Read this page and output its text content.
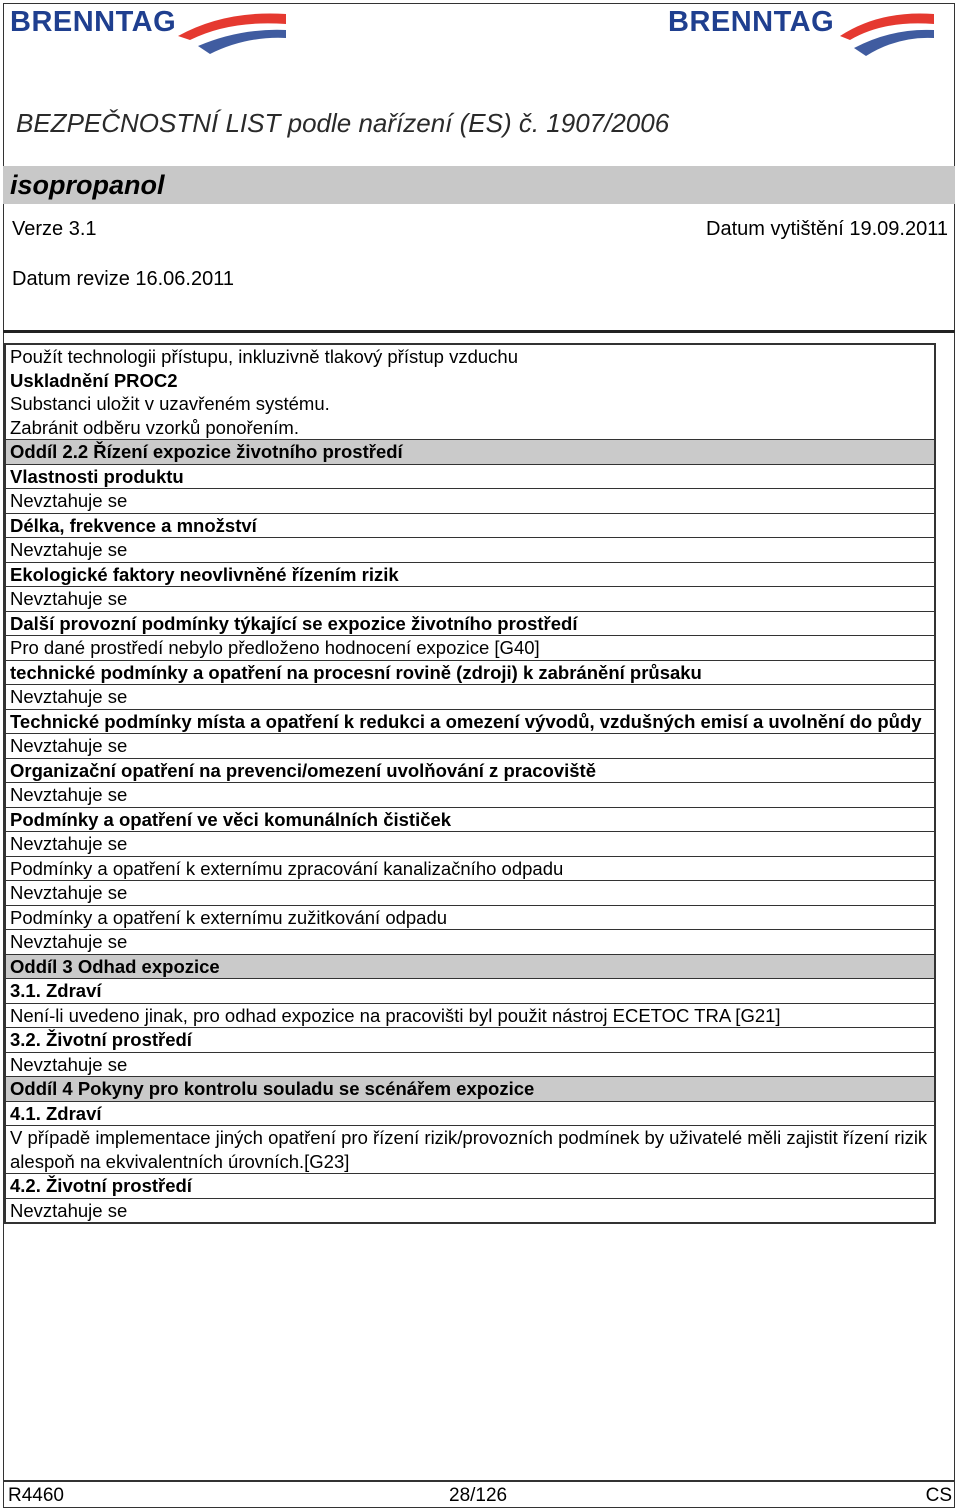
BRENNTAG	BRENNTAG
BEZPEČNOSTNÍ LIST podle nařízení (ES) č. 1907/2006
isopropanol
Verze 3.1	Datum vytištění 19.09.2011
Datum revize 16.06.2011
Použít technologii přístupu, inkluzivně tlakový přístup vzduchu
Uskladnění PROC2
Substanci uložit v uzavřeném systému.
Zabránit odběru vzorků ponořením.
Oddíl 2.2 Řízení expozice životního prostředí
Vlastnosti produktu
Nevztahuje se
Délka, frekvence a množství
Nevztahuje se
Ekologické faktory neovlivněné řízením rizik
Nevztahuje se
Další provozní podmínky týkající se expozice životního prostředí
Pro dané prostředí nebylo předloženo hodnocení expozice [G40]
technické podmínky a opatření na procesní rovině (zdroji) k zabránění průsaku
Nevztahuje se
Technické podmínky místa a opatření k redukci a omezení vývodů, vzdušných emisí a uvolnění do půdy
Nevztahuje se
Organizační opatření na prevenci/omezení uvolňování z pracoviště
Nevztahuje se
Podmínky a opatření ve věci komunálních čističek
Nevztahuje se
Podmínky a opatření k externímu zpracování kanalizačního odpadu
Nevztahuje se
Podmínky a opatření k externímu zužitkování odpadu
Nevztahuje se
Oddíl 3 Odhad expozice
3.1. Zdraví
Není-li uvedeno jinak, pro odhad expozice na pracovišti byl použit nástroj ECETOC TRA [G21]
3.2. Životní prostředí
Nevztahuje se
Oddíl 4 Pokyny pro kontrolu souladu se scénářem expozice
4.1. Zdraví
V případě implementace jiných opatření pro řízení rizik/provozních podmínek by uživatelé měli zajistit řízení rizik alespoň na ekvivalentních úrovních.[G23]
4.2. Životní prostředí
Nevztahuje se
R4460	28/126	CS
